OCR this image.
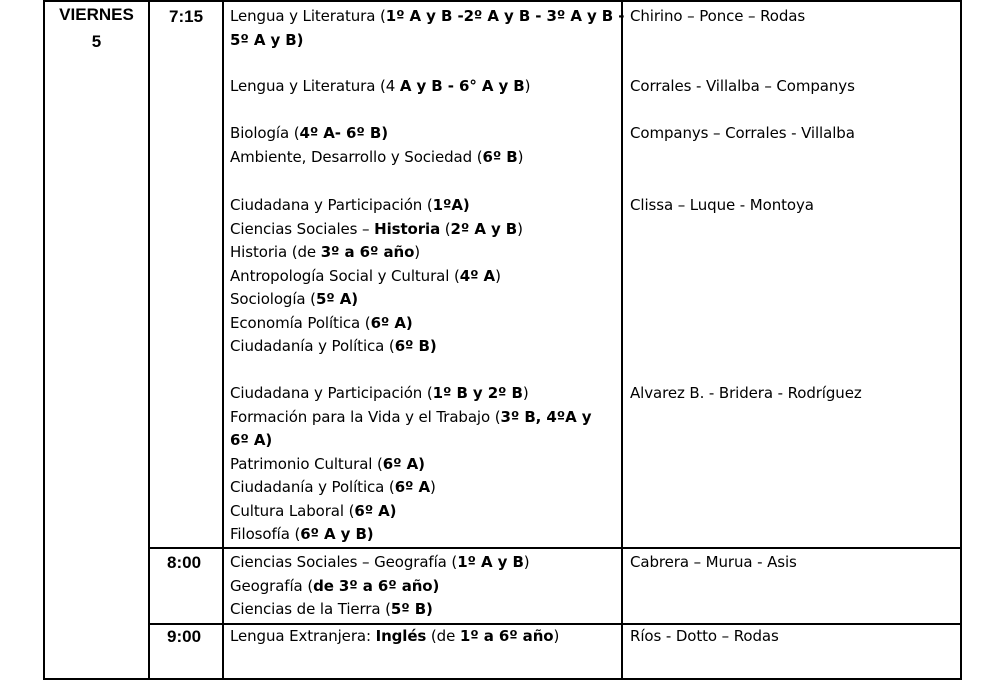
VIERNES
5
7:15
8:00
9:00
Lengua y Literatura (1º A y B -2º A y B - 3º A y B -
5º A y B)
Chirino – Ponce – Rodas
Lengua y Literatura (4 A y B - 6° A y B)	Corrales - Villalba – Companys
Biología (4º A- 6º B)
Ambiente, Desarrollo y Sociedad (6º B)
Companys – Corrales - Villalba
Ciudadana y Participación (1ºA)
Ciencias Sociales – Historia (2º A y B)
Historia (de 3º a 6º año)
Antropología Social y Cultural (4º A)
Sociología (5º A)
Economía Política (6º A)
Ciudadanía y Política (6º B)
Clissa – Luque - Montoya
Ciudadana y Participación (1º B y 2º B)
Formación para la Vida y el Trabajo (3º B, 4ºA y
6º A)
Patrimonio Cultural (6º A)
Ciudadanía y Política (6º A)
Cultura Laboral (6º A)
Filosofía (6º A y B)
Alvarez B. - Bridera - Rodríguez
Ciencias Sociales – Geografía (1º A y B)
Geografía (de 3º a 6º año)
Ciencias de la Tierra (5º B)
Cabrera – Murua - Asis
Lengua Extranjera: Inglés (de 1º a 6º año)	Ríos - Dotto – Rodas
